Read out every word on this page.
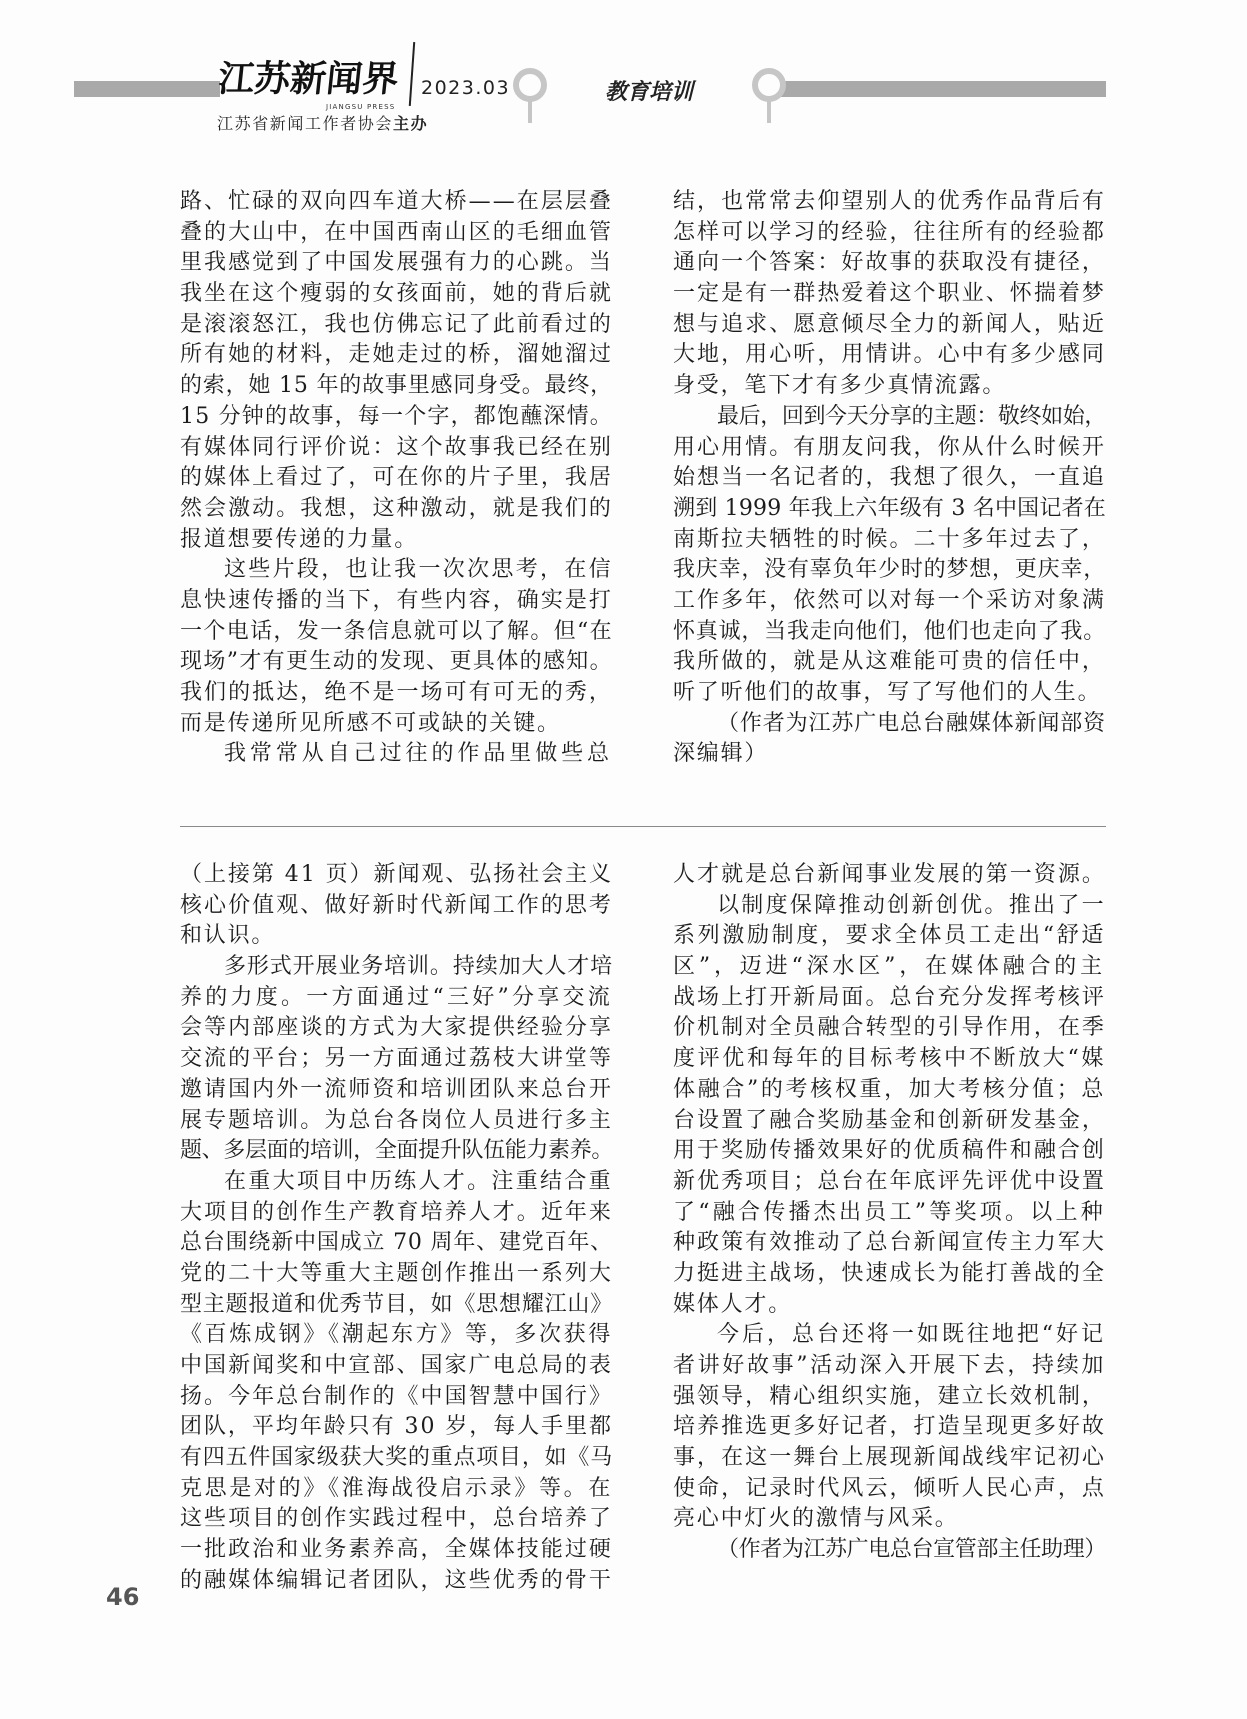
江苏新闻界
JIANGSU PRESS
2023.03	教育培训
江苏省新闻工作者协会主办
路、忙碌的双向四车道大桥——在层层叠
叠的大山中，在中国西南山区的毛细血管
里我感觉到了中国发展强有力的心跳。当
我坐在这个瘦弱的女孩面前，她的背后就
是滚滚怒江，我也仿佛忘记了此前看过的
所有她的材料，走她走过的桥，溜她溜过
的索，她 15 年的故事里感同身受。最终，
15 分钟的故事，每一个字，都饱蘸深情。
有媒体同行评价说：这个故事我已经在别
的媒体上看过了，可在你的片子里，我居
然会激动。我想，这种激动，就是我们的
报道想要传递的力量。
这些片段，也让我一次次思考，在信
息快速传播的当下，有些内容，确实是打
一个电话，发一条信息就可以了解。但“在
现场”才有更生动的发现、更具体的感知。
我们的抵达，绝不是一场可有可无的秀，
而是传递所见所感不可或缺的关键。
我常常从自己过往的作品里做些总
结，也常常去仰望别人的优秀作品背后有
怎样可以学习的经验，往往所有的经验都
通向一个答案：好故事的获取没有捷径，
一定是有一群热爱着这个职业、怀揣着梦
想与追求、愿意倾尽全力的新闻人，贴近
大地，用心听，用情讲。心中有多少感同
身受，笔下才有多少真情流露。
最后，回到今天分享的主题：敬终如始，
用心用情。有朋友问我，你从什么时候开
始想当一名记者的，我想了很久，一直追
溯到 1999 年我上六年级有 3 名中国记者在
南斯拉夫牺牲的时候。二十多年过去了，
我庆幸，没有辜负年少时的梦想，更庆幸，
工作多年，依然可以对每一个采访对象满
怀真诚，当我走向他们，他们也走向了我。
我所做的，就是从这难能可贵的信任中，
听了听他们的故事，写了写他们的人生。
（作者为江苏广电总台融媒体新闻部资
深编辑）
（上接第 41 页）新闻观、弘扬社会主义
核心价值观、做好新时代新闻工作的思考
和认识。
多形式开展业务培训。持续加大人才培
养的力度。一方面通过“三好”分享交流
会等内部座谈的方式为大家提供经验分享
交流的平台；另一方面通过荔枝大讲堂等
邀请国内外一流师资和培训团队来总台开
展专题培训。为总台各岗位人员进行多主
题、多层面的培训，全面提升队伍能力素养。
在重大项目中历练人才。注重结合重
大项目的创作生产教育培养人才。近年来
总台围绕新中国成立 70 周年、建党百年、
党的二十大等重大主题创作推出一系列大
型主题报道和优秀节目，如《思想耀江山》
《百炼成钢》《潮起东方》等，多次获得
中国新闻奖和中宣部、国家广电总局的表
扬。今年总台制作的《中国智慧中国行》
团队，平均年龄只有 30 岁，每人手里都
有四五件国家级获大奖的重点项目，如《马
克思是对的》《淮海战役启示录》等。在
这些项目的创作实践过程中，总台培养了
一批政治和业务素养高，全媒体技能过硬
的融媒体编辑记者团队，这些优秀的骨干
人才就是总台新闻事业发展的第一资源。
以制度保障推动创新创优。推出了一
系列激励制度，要求全体员工走出“舒适
区”，迈进“深水区”，在媒体融合的主
战场上打开新局面。总台充分发挥考核评
价机制对全员融合转型的引导作用，在季
度评优和每年的目标考核中不断放大“媒
体融合”的考核权重，加大考核分值；总
台设置了融合奖励基金和创新研发基金，
用于奖励传播效果好的优质稿件和融合创
新优秀项目；总台在年底评先评优中设置
了“融合传播杰出员工”等奖项。以上种
种政策有效推动了总台新闻宣传主力军大
力挺进主战场，快速成长为能打善战的全
媒体人才。
今后，总台还将一如既往地把“好记
者讲好故事”活动深入开展下去，持续加
强领导，精心组织实施，建立长效机制，
培养推选更多好记者，打造呈现更多好故
事，在这一舞台上展现新闻战线牢记初心
使命，记录时代风云，倾听人民心声，点
亮心中灯火的激情与风采。
（作者为江苏广电总台宣管部主任助理）
46
